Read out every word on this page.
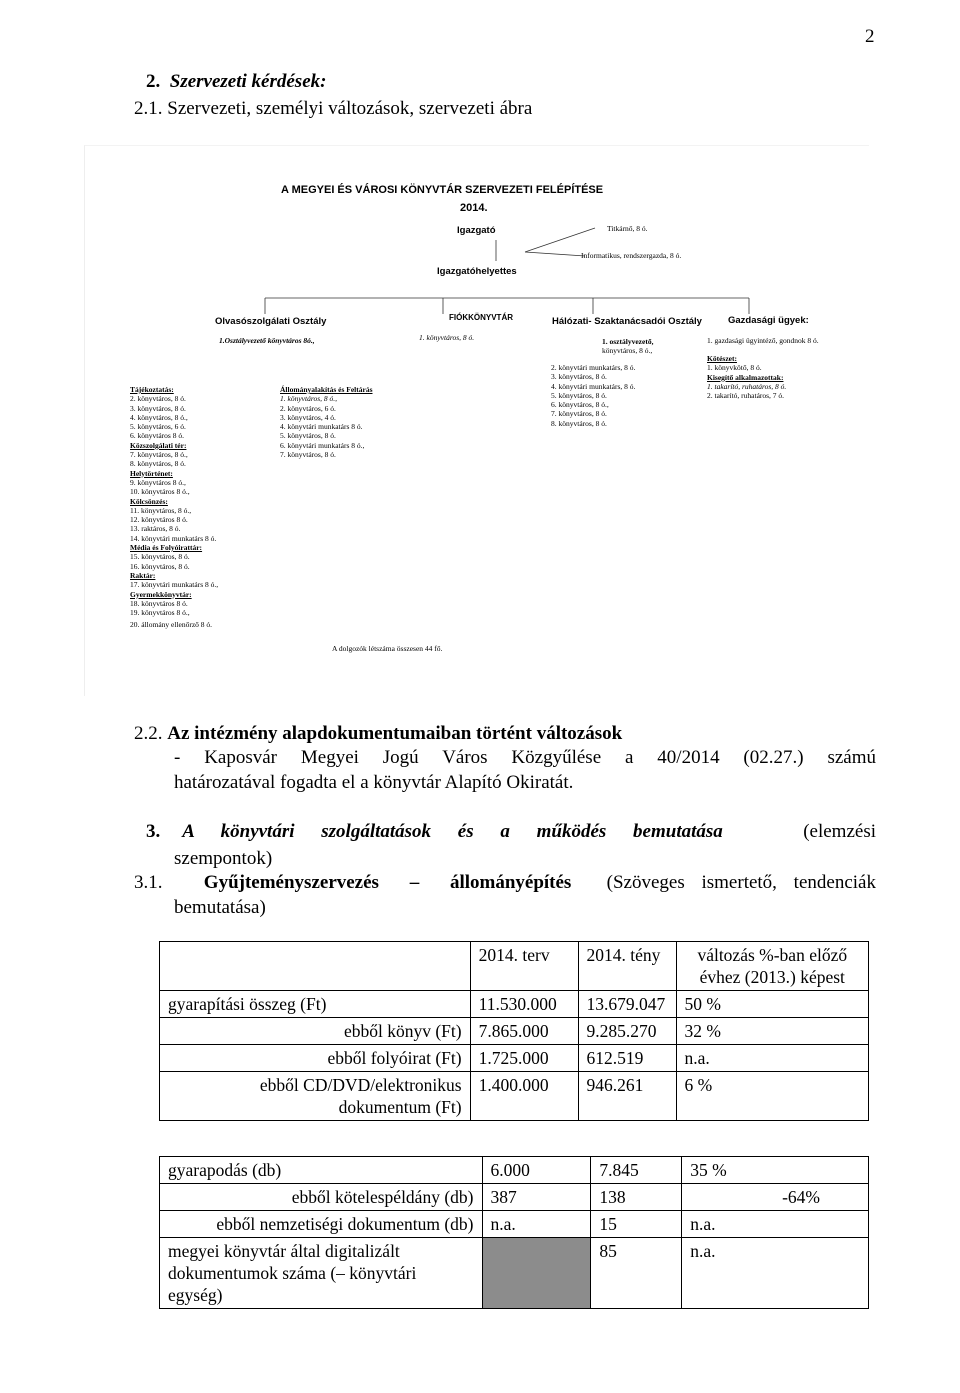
2
2. Szervezeti kérdések:
2.1. Szervezeti, személyi változások, szervezeti ábra
A MEGYEI ÉS VÁROSI KÖNYVTÁR SZERVEZETI FELÉPÍTÉSE
2014.
Igazgató	Titkárnő, 8 ó.
Informatikus, rendszergazda, 8 ó.
Igazgatóhelyettes
Olvasószolgálati Osztály	FIÓKKÖNYVTÁR	Hálózati- Szaktanácsadói Osztály	Gazdasági ügyek:
1.Osztályvezető könyvtáros 8ó.,	1. könyvtáros, 8 ó.	1. osztályvezető,
könyvtáros, 8 ó.,
1. gazdasági ügyintéző, gondnok 8 ó.
Tájékoztatás:
2. könyvtáros, 8 ó.
3. könyvtáros, 8 ó.
4. könyvtáros, 8 ó.,
5. könyvtáros, 6 ó.
6. könyvtáros 8 ó.
Közszolgálati tér:
7. könyvtáros, 8 ó.,
8. könyvtáros, 8 ó.
Helytörténet:
9. könyvtáros 8 ó.,
10. könyvtáros 8 ó.,
Kölcsönzés:
11. könyvtáros, 8 ó.,
12. könyvtáros 8 ó.
13. raktáros, 8 ó.
14. könyvtári munkatárs 8 ó.
Média és Folyóirattár:
15. könyvtáros, 8 ó.
16. könyvtáros, 8 ó.
Raktár:
17. könyvtári munkatárs 8 ó.,
Gyermekkönyvtár:
18. könyvtáros 8 ó.
19. könyvtáros 8 ó.,
20. állomány ellenőrző 8 ó.
Állományalakítás és Feltárás
1. könyvtáros, 8 ó.,
2. könyvtáros, 6 ó.
3. könyvtáros, 4 ó.
4. könyvtári munkatárs 8 ó.
5. könyvtáros, 8 ó.
6. könyvtári munkatárs 8 ó.,
7. könyvtáros, 8 ó.
2. könyvtári munkatárs, 8 ó.
3. könyvtáros, 8 ó.
4. könyvtári munkatárs, 8 ó.
5. könyvtáros, 8 ó.
6. könyvtáros, 8 ó.,
7. könyvtáros, 8 ó.
8. könyvtáros, 8 ó.
Kötészet:
1. könyvkötő, 8 ó.
Kisegítő alkalmazottak:
1. takarító, ruhatáros, 8 ó.
2. takarító, ruhatáros, 7 ó.
A dolgozók létszáma összesen 44 fő.
2.2. Az intézmény alapdokumentumaiban történt változások
- Kaposvár Megyei Jogú Város Közgyűlése a 40/2014 (02.27.) számú
határozatával fogadta el a könyvtár Alapító Okiratát.
3. A könyvtári szolgáltatások és a működés bemutatása	(elemzési
szempontok)
3.1. Gyűjteményszervezés – állományépítés (Szöveges ismertető, tendenciák
bemutatása)
	2014. terv	2014. tény	változás %-ban előző évhez (2013.) képest
gyarapítási összeg (Ft)	11.530.000	13.679.047	50 %
ebből könyv (Ft)	7.865.000	9.285.270	32 %
ebből folyóirat (Ft)	1.725.000	612.519	n.a.
ebből CD/DVD/elektronikus dokumentum (Ft)	1.400.000	946.261	6 %
gyarapodás (db)	6.000	7.845	35 %
ebből kötelespéldány (db)	387	138	-64%
ebből nemzetiségi dokumentum (db)	n.a.	15	n.a.
megyei könyvtár által digitalizált dokumentumok száma (– könyvtári egység)		85	n.a.
